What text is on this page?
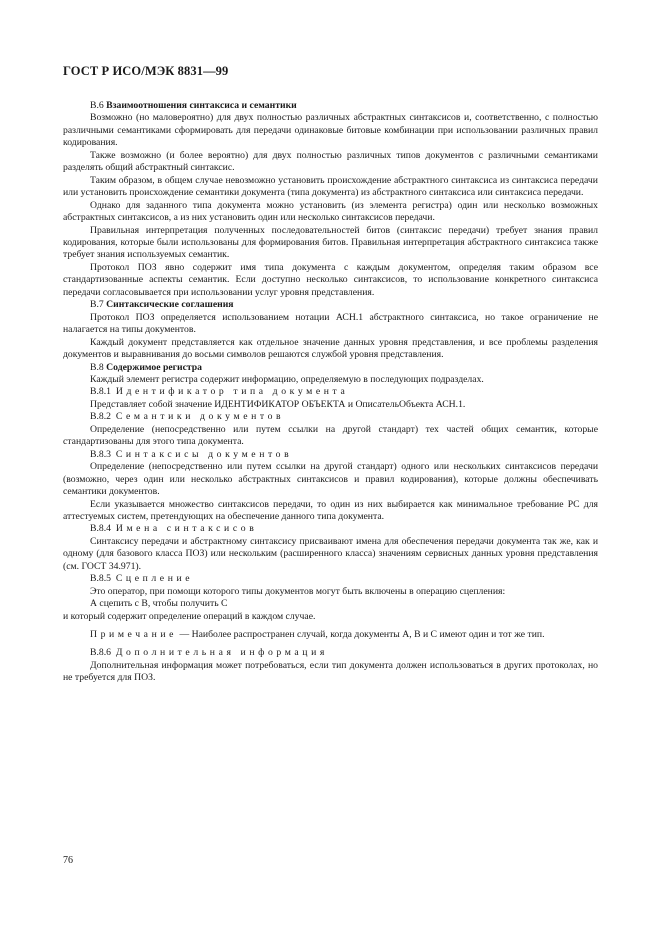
ГОСТ Р ИСО/МЭК 8831—99

B.6 Взаимоотношения синтаксиса и семантики

Возможно (но маловероятно) для двух полностью различных абстрактных синтаксисов и, соответственно, с полностью различными семантиками сформировать для передачи одинаковые битовые комбинации при использовании различных правил кодирования.

Также возможно (и более вероятно) для двух полностью различных типов документов с различными семантиками разделять общий абстрактный синтаксис.

Таким образом, в общем случае невозможно установить происхождение абстрактного синтаксиса из синтаксиса передачи или установить происхождение семантики документа (типа документа) из абстрактного синтаксиса или синтаксиса передачи.

Однако для заданного типа документа можно установить (из элемента регистра) один или несколько возможных абстрактных синтаксисов, а из них установить один или несколько синтаксисов передачи.

Правильная интерпретация полученных последовательностей битов (синтаксис передачи) требует знания правил кодирования, которые были использованы для формирования битов. Правильная интерпретация абстрактного синтаксиса также требует знания используемых семантик.

Протокол ПОЗ явно содержит имя типа документа с каждым документом, определяя таким образом все стандартизованные аспекты семантик. Если доступно несколько синтаксисов, то использование конкретного синтаксиса передачи согласовывается при использовании услуг уровня представления.

B.7 Синтаксические соглашения

Протокол ПОЗ определяется использованием нотации АСН.1 абстрактного синтаксиса, но такое ограничение не налагается на типы документов.

Каждый документ представляется как отдельное значение данных уровня представления, и все проблемы разделения документов и выравнивания до восьми символов решаются службой уровня представления.

B.8 Содержимое регистра

Каждый элемент регистра содержит информацию, определяемую в последующих подразделах.

B.8.1 Идентификатор типа документа

Представляет собой значение ИДЕНТИФИКАТОР ОБЪЕКТА и ОписательОбъекта АСН.1.

B.8.2 Семантики документов

Определение (непосредственно или путем ссылки на другой стандарт) тех частей общих семантик, которые стандартизованы для этого типа документа.

B.8.3 Синтаксисы документов

Определение (непосредственно или путем ссылки на другой стандарт) одного или нескольких синтаксисов передачи (возможно, через один или несколько абстрактных синтаксисов и правил кодирования), которые должны обеспечивать семантики документов.

Если указывается множество синтаксисов передачи, то один из них выбирается как минимальное требование PC для аттестуемых систем, претендующих на обеспечение данного типа документа.

B.8.4 Имена синтаксисов

Синтаксису передачи и абстрактному синтаксису присваивают имена для обеспечения передачи документа так же, как и одному (для базового класса ПОЗ) или нескольким (расширенного класса) значениям сервисных данных уровня представления (см. ГОСТ 34.971).

B.8.5 Сцепление

Это оператор, при помощи которого типы документов могут быть включены в операцию сцепления:

А сцепить с В, чтобы получить С

и который содержит определение операций в каждом случае.

Примечание — Наиболее распространен случай, когда документы А, В и С имеют один и тот же тип.

B.8.6 Дополнительная информация

Дополнительная информация может потребоваться, если тип документа должен использоваться в других протоколах, но не требуется для ПОЗ.

76
